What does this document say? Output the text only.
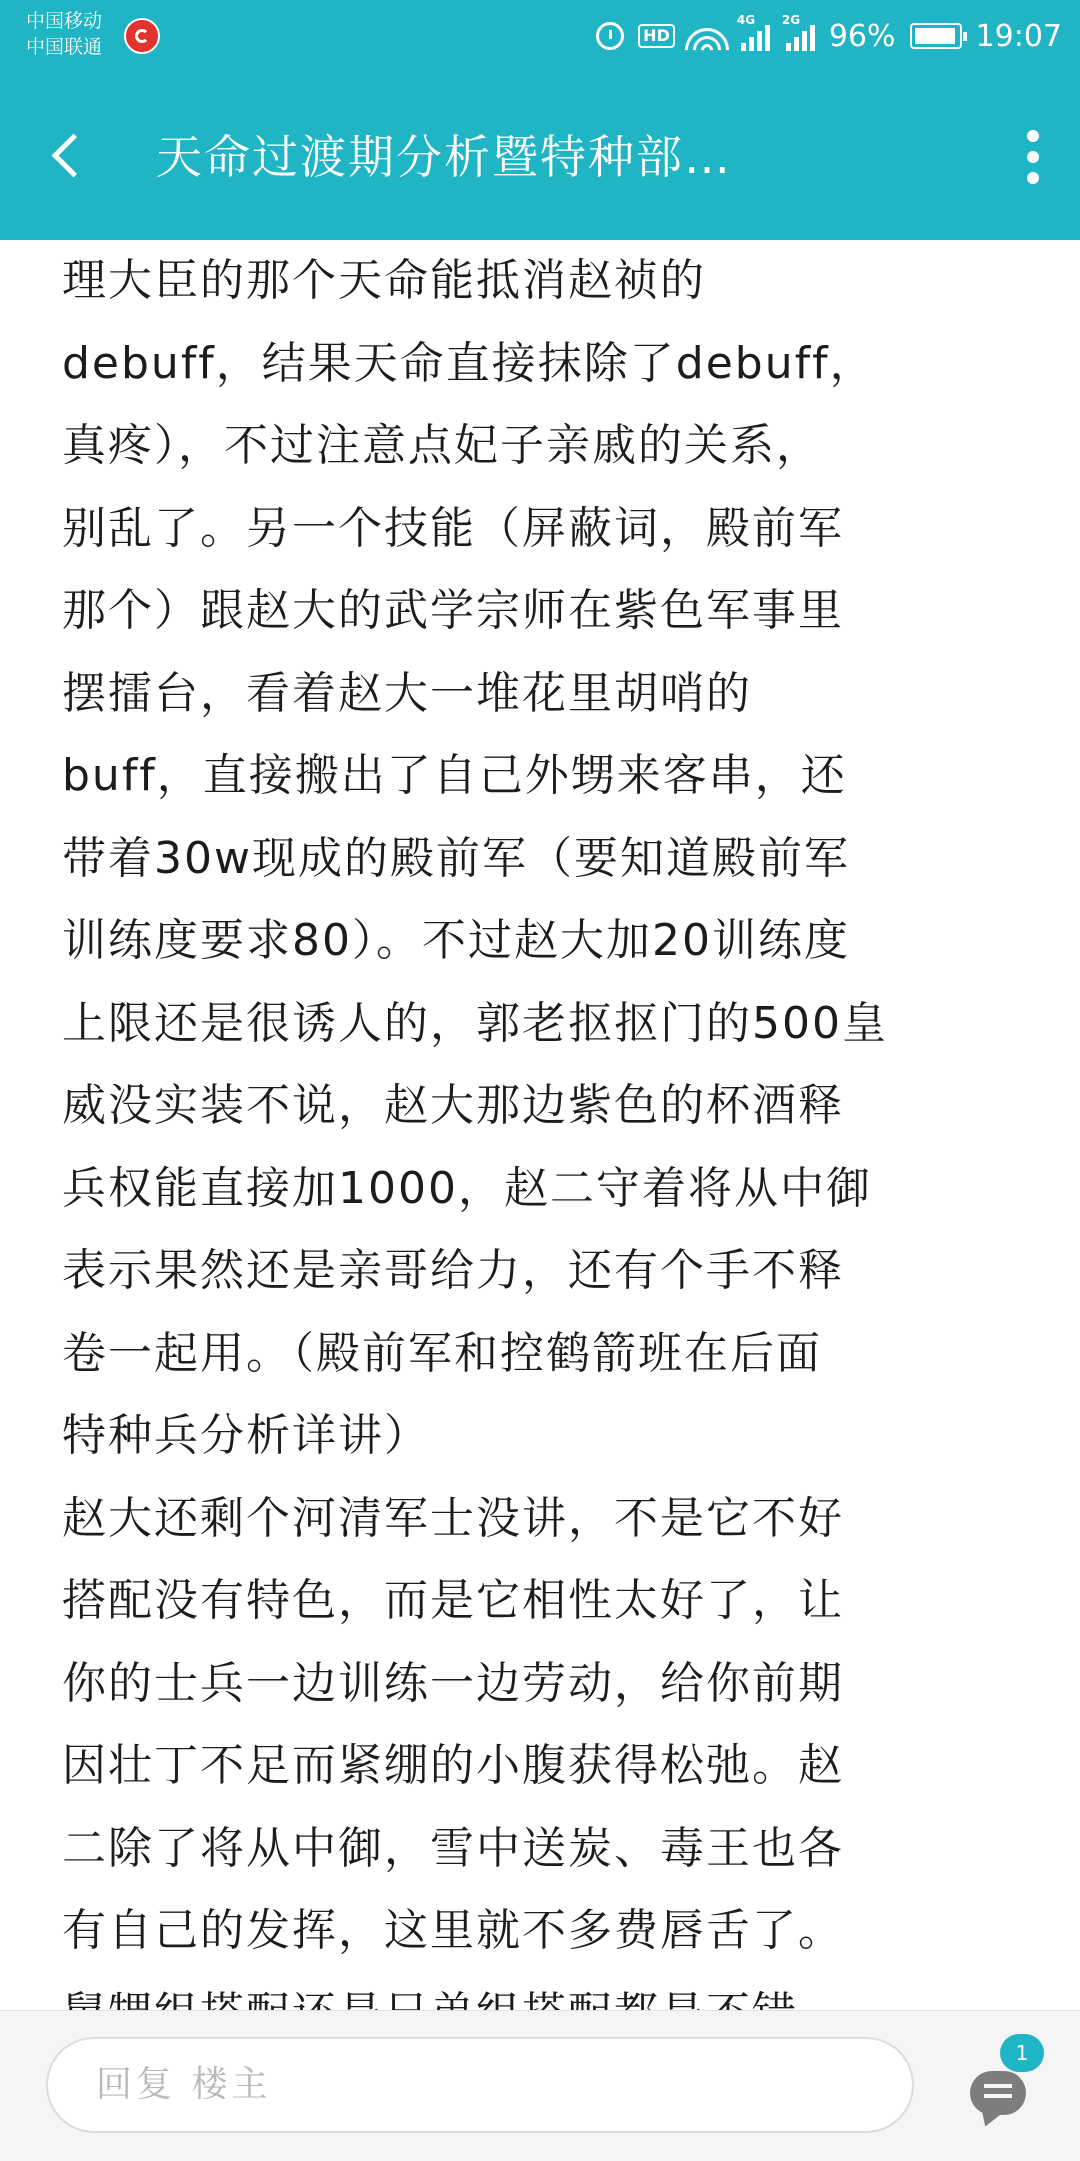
中国移动
中国联通
HD
4G 2G 96%	19:07
天命过渡期分析暨特种部…
理大臣的那个天命能抵消赵祯的
debuff，结果天命直接抹除了debuff，
真疼），不过注意点妃子亲戚的关系，
别乱了。另一个技能（屏蔽词，殿前军
那个）跟赵大的武学宗师在紫色军事里
摆擂台，看着赵大一堆花里胡哨的
buff，直接搬出了自己外甥来客串，还
带着30w现成的殿前军（要知道殿前军
训练度要求80）。不过赵大加20训练度
上限还是很诱人的，郭老抠抠门的500皇
威没实装不说，赵大那边紫色的杯酒释
兵权能直接加1000，赵二守着将从中御
表示果然还是亲哥给力，还有个手不释
卷一起用。（殿前军和控鹤箭班在后面
特种兵分析详讲）
赵大还剩个河清军士没讲，不是它不好
搭配没有特色，而是它相性太好了，让
你的士兵一边训练一边劳动，给你前期
因壮丁不足而紧绷的小腹获得松弛。赵
二除了将从中御，雪中送炭、毒王也各
有自己的发挥，这里就不多费唇舌了。
回复 楼主
1
